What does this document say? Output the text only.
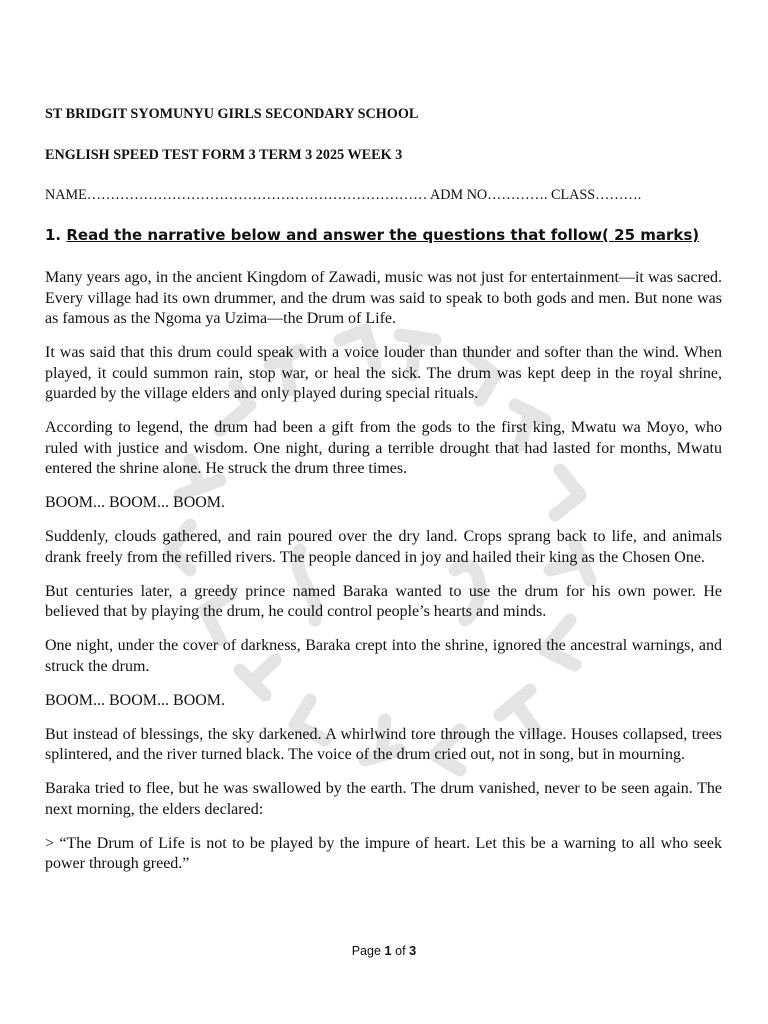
ST BRIDGIT SYOMUNYU GIRLS SECONDARY SCHOOL
ENGLISH SPEED TEST FORM 3 TERM 3 2025 WEEK 3
NAME……………………………………………………………… ADM NO…………. CLASS……….
1. Read the narrative below and answer the questions that follow( 25 marks)

Many years ago, in the ancient Kingdom of Zawadi, music was not just for entertainment—it was sacred. Every village had its own drummer, and the drum was said to speak to both gods and men. But none was as famous as the Ngoma ya Uzima—the Drum of Life.

It was said that this drum could speak with a voice louder than thunder and softer than the wind. When played, it could summon rain, stop war, or heal the sick. The drum was kept deep in the royal shrine, guarded by the village elders and only played during special rituals.

According to legend, the drum had been a gift from the gods to the first king, Mwatu wa Moyo, who ruled with justice and wisdom. One night, during a terrible drought that had lasted for months, Mwatu entered the shrine alone. He struck the drum three times.

BOOM... BOOM... BOOM.

Suddenly, clouds gathered, and rain poured over the dry land. Crops sprang back to life, and animals drank freely from the refilled rivers. The people danced in joy and hailed their king as the Chosen One.

But centuries later, a greedy prince named Baraka wanted to use the drum for his own power. He believed that by playing the drum, he could control people’s hearts and minds.

One night, under the cover of darkness, Baraka crept into the shrine, ignored the ancestral warnings, and struck the drum.

BOOM... BOOM... BOOM.

But instead of blessings, the sky darkened. A whirlwind tore through the village. Houses collapsed, trees splintered, and the river turned black. The voice of the drum cried out, not in song, but in mourning.

Baraka tried to flee, but he was swallowed by the earth. The drum vanished, never to be seen again. The next morning, the elders declared:

> “The Drum of Life is not to be played by the impure of heart. Let this be a warning to all who seek power through greed.”

Page 1 of 3
